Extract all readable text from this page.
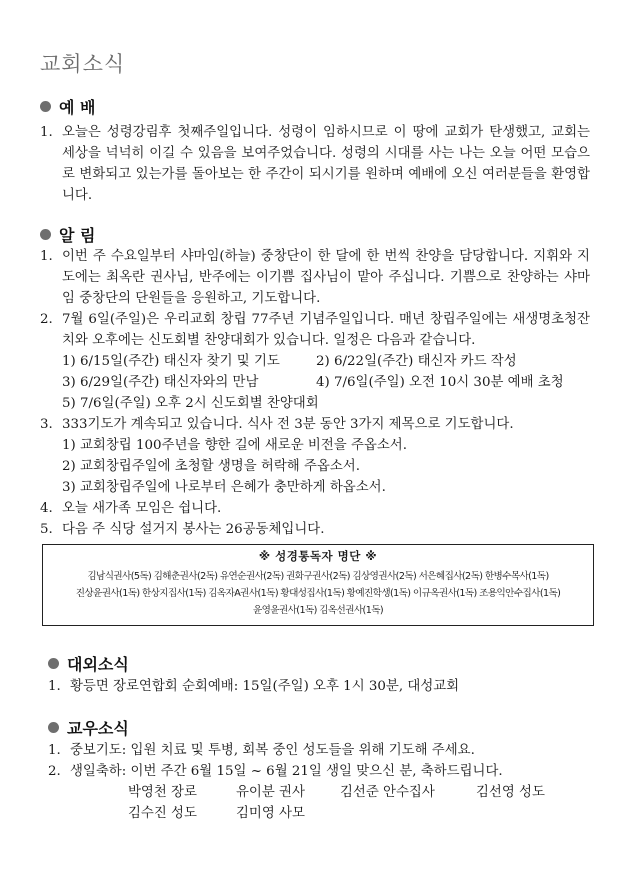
교회소식
예 배
1. 오늘은 성령강림후 첫째주일입니다. 성령이 임하시므로 이 땅에 교회가 탄생했고, 교회는 세상을 넉넉히 이길 수 있음을 보여주었습니다. 성령의 시대를 사는 나는 오늘 어떤 모습으로 변화되고 있는가를 돌아보는 한 주간이 되시기를 원하며 예배에 오신 여러분들을 환영합니다.
알 림
1. 이번 주 수요일부터 샤마임(하늘) 중창단이 한 달에 한 번씩 찬양을 담당합니다. 지휘와 지도에는 최옥란 권사님, 반주에는 이기쁨 집사님이 맡아 주십니다. 기쁨으로 찬양하는 샤마임 중창단의 단원들을 응원하고, 기도합니다.
2. 7월 6일(주일)은 우리교회 창립 77주년 기념주일입니다. 매년 창립주일에는 새생명초청잔치와 오후에는 신도회별 찬양대회가 있습니다. 일정은 다음과 같습니다.
1) 6/15일(주간) 태신자 찾기 및 기도	2) 6/22일(주간) 태신자 카드 작성
3) 6/29일(주간) 태신자와의 만남	4) 7/6일(주일) 오전 10시 30분 예배 초청
5) 7/6일(주일) 오후 2시 신도회별 찬양대회
3. 333기도가 계속되고 있습니다. 식사 전 3분 동안 3가지 제목으로 기도합니다.
1) 교회창립 100주년을 향한 길에 새로운 비전을 주옵소서.
2) 교회창립주일에 초청할 생명을 허락해 주옵소서.
3) 교회창립주일에 나로부터 은혜가 충만하게 하옵소서.
4. 오늘 새가족 모임은 쉽니다.
5. 다음 주 식당 설거지 봉사는 26공동체입니다.
※ 성경통독자 명단 ※
김남식권사(5독) 김해춘권사(2독) 유연순권사(2독) 권화구권사(2독) 김상영권사(2독) 서은혜집사(2독) 한병수목사(1독)
진상윤권사(1독) 한상지집사(1독) 김옥자A권사(1독) 황대성집사(1독) 황예진학생(1독) 이규옥권사(1독) 조용익안수집사(1독)
윤영윤권사(1독) 김옥선권사(1독)
대외소식
1. 황등면 장로연합회 순회예배: 15일(주일) 오후 1시 30분, 대성교회
교우소식
1. 중보기도: 입원 치료 및 투병, 회복 중인 성도들을 위해 기도해 주세요.
2. 생일축하: 이번 주간 6월 15일 ~ 6월 21일 생일 맞으신 분, 축하드립니다.
박영천 장로	유이분 권사	김선준 안수집사	김선영 성도
김수진 성도	김미영 사모
